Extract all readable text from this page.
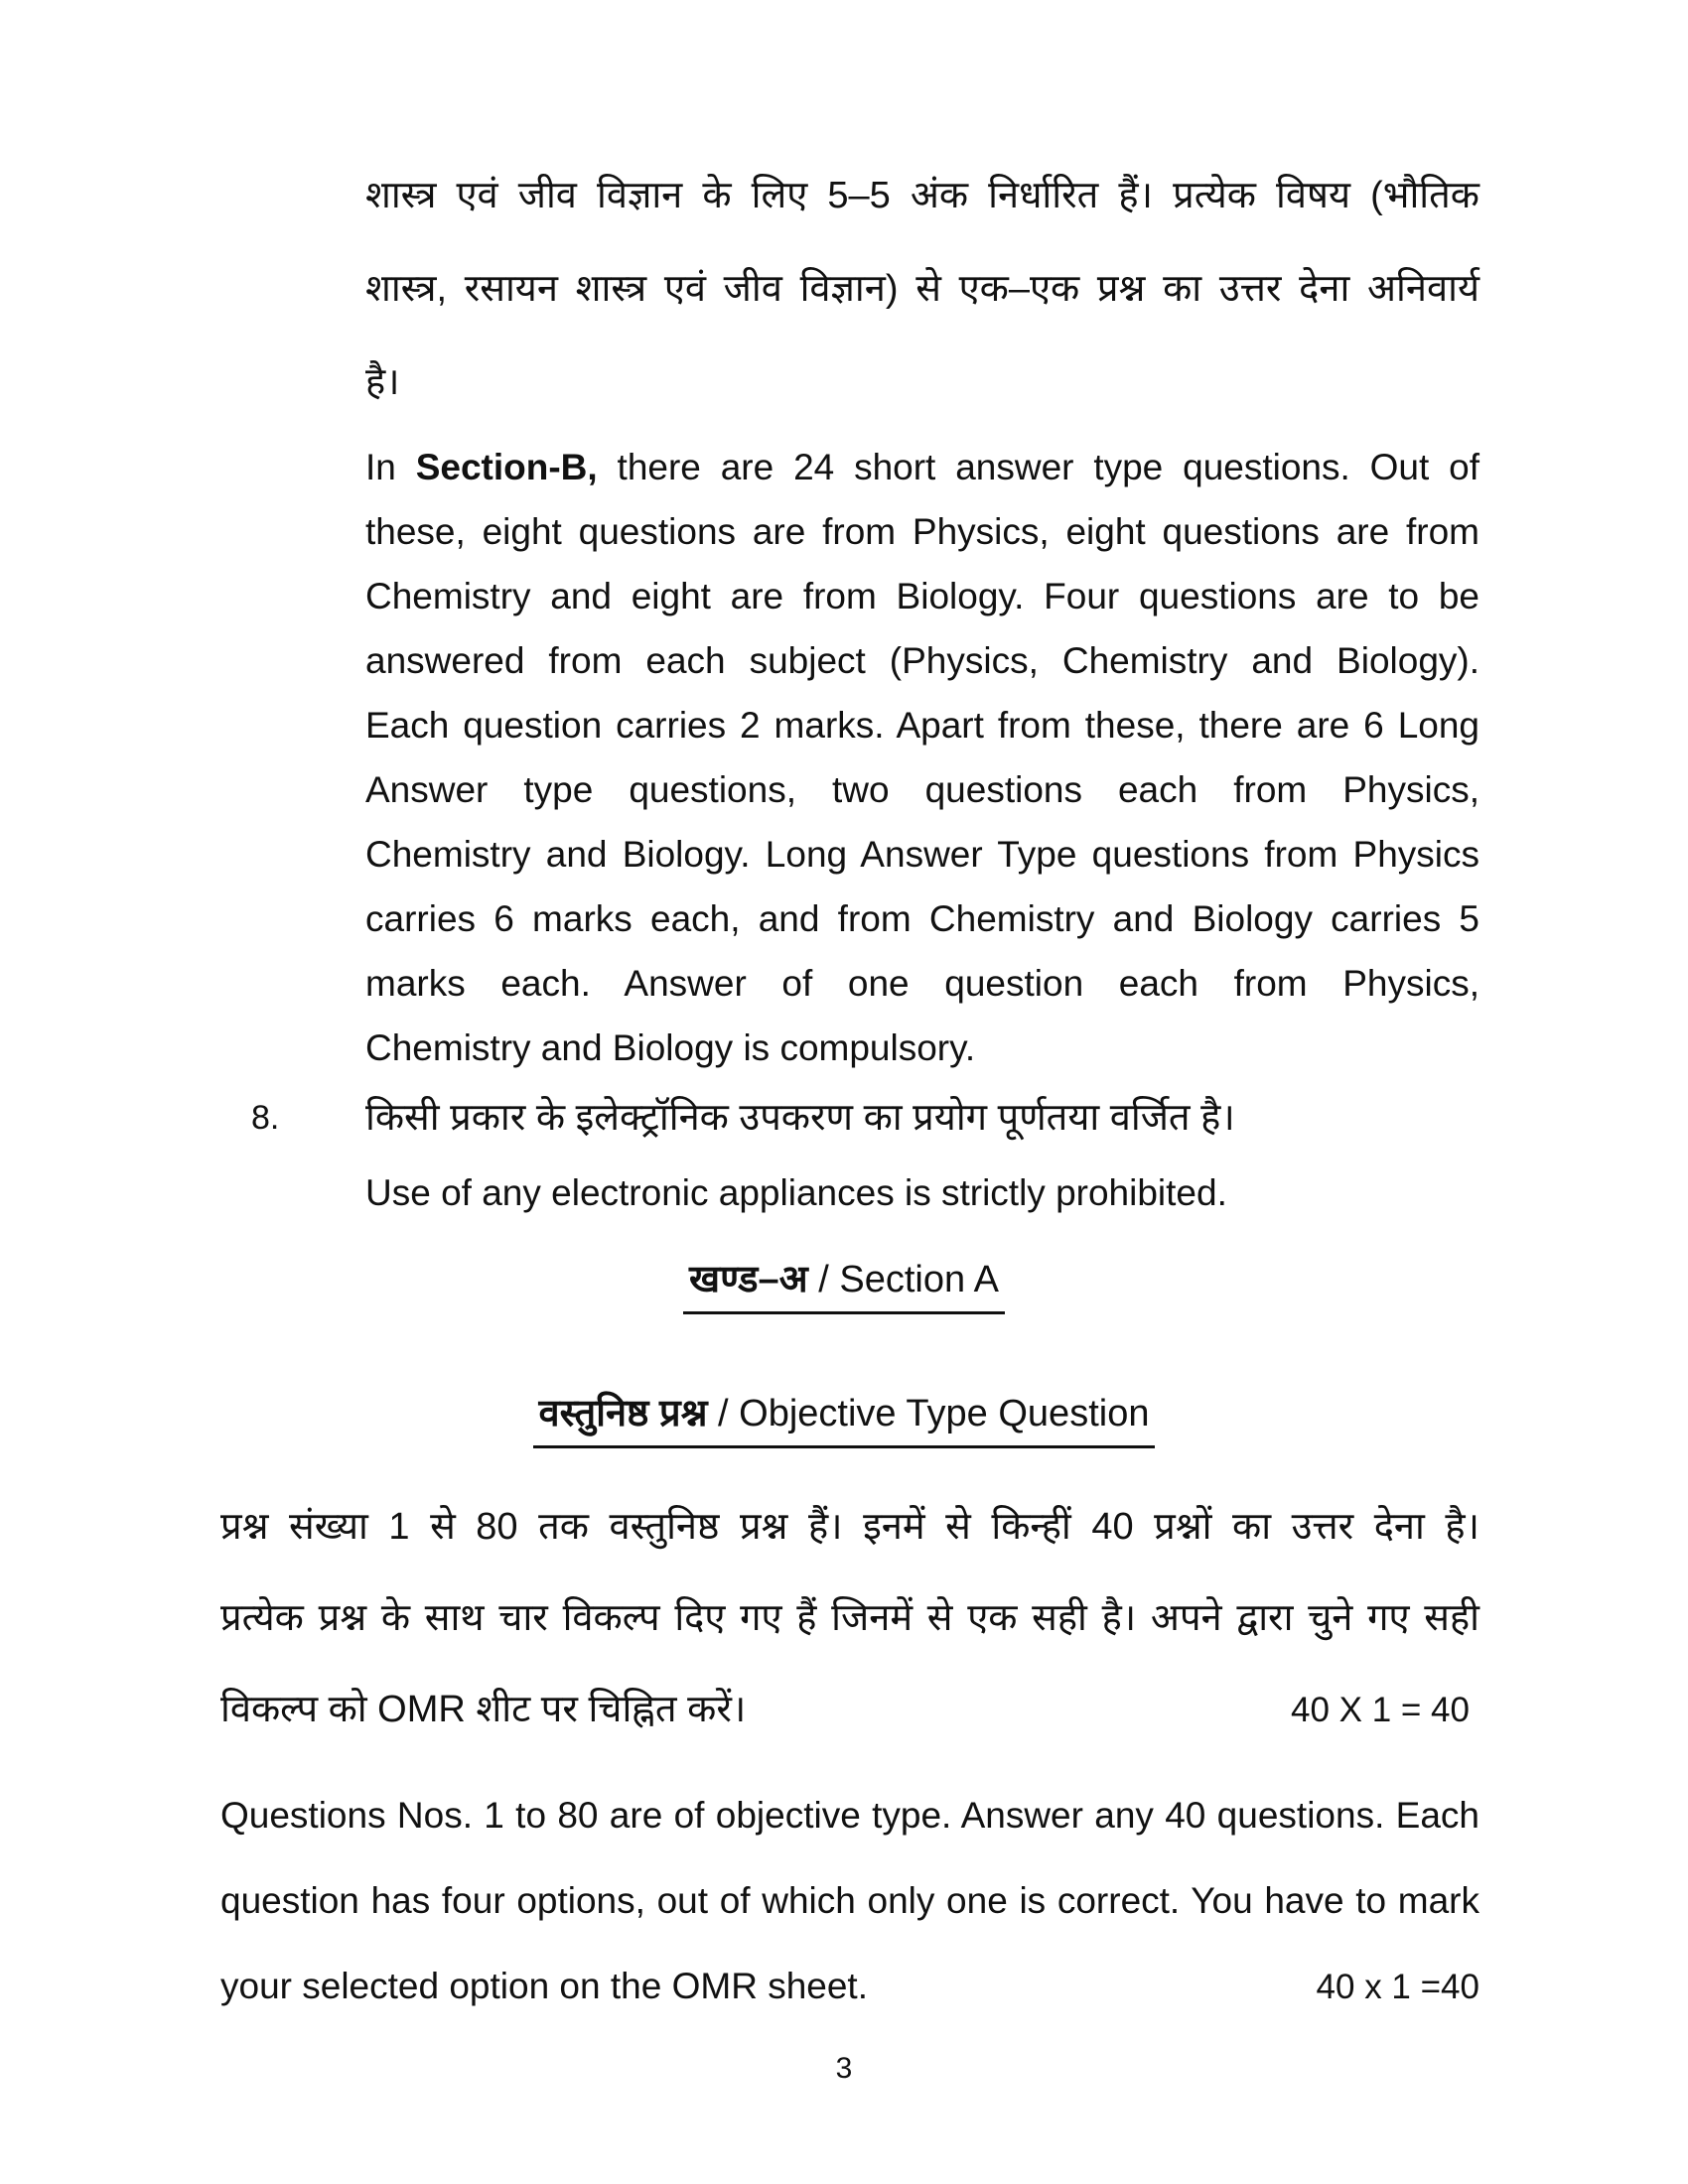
शास्त्र एवं जीव विज्ञान के लिए 5–5 अंक निर्धारित हैं। प्रत्येक विषय (भौतिक
शास्त्र, रसायन शास्त्र एवं जीव विज्ञान) से एक–एक प्रश्न का उत्तर देना अनिवार्य
है।
In Section-B, there are 24 short answer type questions. Out of
these, eight questions are from Physics, eight questions are from
Chemistry and eight are from Biology. Four questions are to be
answered from each subject (Physics, Chemistry and Biology).
Each question carries 2 marks. Apart from these, there are 6 Long
Answer type questions, two questions each from Physics,
Chemistry and Biology. Long Answer Type questions from Physics
carries 6 marks each, and from Chemistry and Biology carries 5
marks each. Answer of one question each from Physics,
Chemistry and Biology is compulsory.
8.	किसी प्रकार के इलेक्ट्रॉनिक उपकरण का प्रयोग पूर्णतया वर्जित है।
Use of any electronic appliances is strictly prohibited.
खण्ड–अ / Section A
वस्तुनिष्ठ प्रश्न / Objective Type Question
प्रश्न संख्या 1 से 80 तक वस्तुनिष्ठ प्रश्न हैं। इनमें से किन्हीं 40 प्रश्नों का उत्तर देना है।
प्रत्येक प्रश्न के साथ चार विकल्प दिए गए हैं जिनमें से एक सही है। अपने द्वारा चुने गए सही
विकल्प को OMR शीट पर चिह्नित करें।	40 X 1 = 40
Questions Nos. 1 to 80 are of objective type. Answer any 40 questions. Each
question has four options, out of which only one is correct. You have to mark
your selected option on the OMR sheet.	40 x 1 =40
3
